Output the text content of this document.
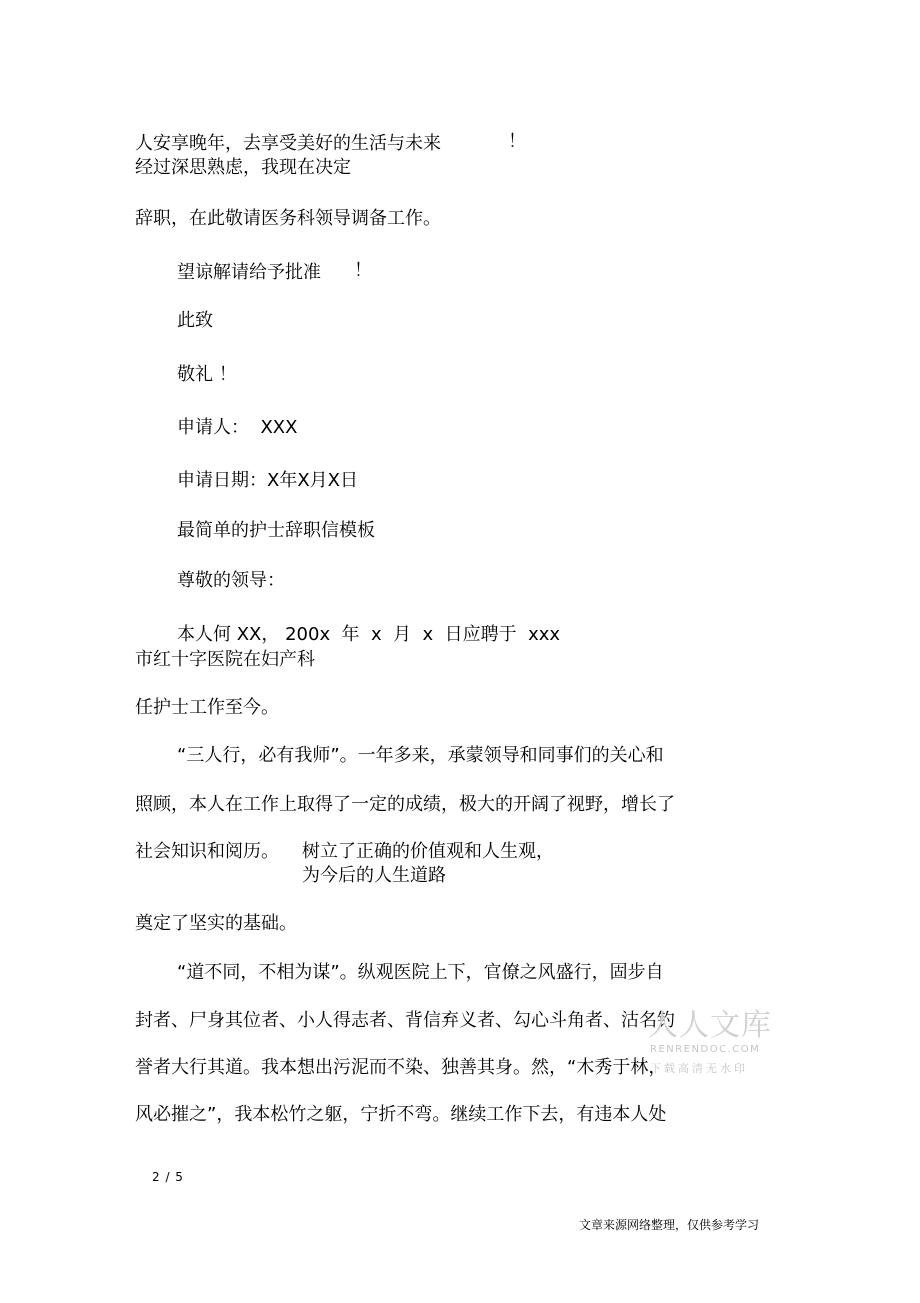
人安享晚年，去享受美好的生活与未来	！
经过深思熟虑，我现在决定
辞职，在此敬请医务科领导调备工作。
望谅解请给予批准 ！
此致
敬礼 ！
申请人：  XXX
申请日期：X年X月X日
最简单的护士辞职信模板
尊敬的领导：
本人何 XX， 200x  年  x  月  x  日应聘于  xxx
市红十字医院在妇产科
任护士工作至今。
“三人行，必有我师”。一年多来，承蒙领导和同事们的关心和
照顾，本人在工作上取得了一定的成绩，极大的开阔了视野，增长了
社会知识和阅历。 树立了正确的价值观和人生观，
为今后的人生道路
奠定了坚实的基础。
“道不同，不相为谋”。纵观医院上下，官僚之风盛行，固步自
封者、尸身其位者、小人得志者、背信弃义者、勾心斗角者、沽名钓
誉者大行其道。我本想出污泥而不染、独善其身。然，“木秀于林，
风必摧之”，我本松竹之躯，宁折不弯。继续工作下去，有违本人处
人人文库
RENRENDOC.COM
下载高清无水印
2 / 5
文章来源网络整理，仅供参考学习
